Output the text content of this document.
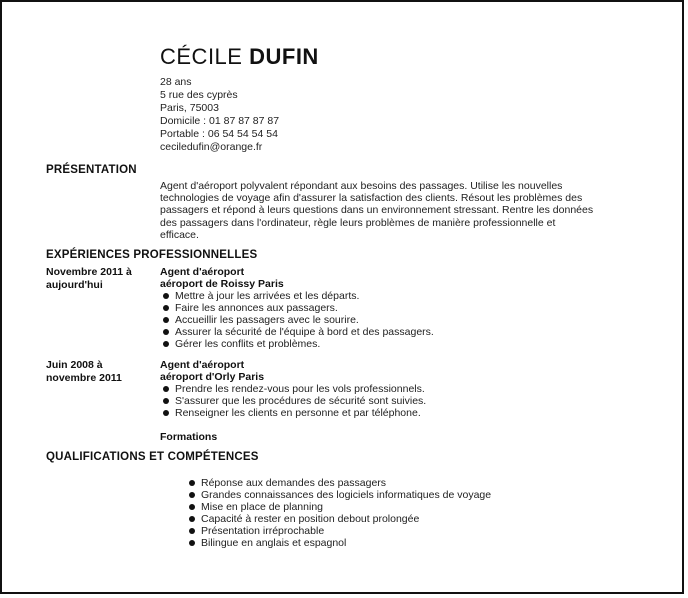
CÉCILE DUFIN
28 ans
5 rue des cyprès
Paris, 75003
Domicile : 01 87 87 87 87
Portable : 06 54 54 54 54
ceciledufin@orange.fr
PRÉSENTATION
Agent d'aéroport polyvalent répondant aux besoins des passages. Utilise les nouvelles
technologies de voyage afin d'assurer la satisfaction des clients. Résout les problèmes des
passagers et répond à leurs questions dans un environnement stressant. Rentre les données
des passagers dans l'ordinateur, règle leurs problèmes de manière professionnelle et
efficace.
EXPÉRIENCES PROFESSIONNELLES
Novembre 2011 à
aujourd'hui
Agent d'aéroport
aéroport de Roissy Paris
Mettre à jour les arrivées et les départs.
Faire les annonces aux passagers.
Accueillir les passagers avec le sourire.
Assurer la sécurité de l'équipe à bord et des passagers.
Gérer les conflits et problèmes.
Juin 2008 à
novembre 2011
Agent d'aéroport
aéroport d'Orly Paris
Prendre les rendez-vous pour les vols professionnels.
S'assurer que les procédures de sécurité sont suivies.
Renseigner les clients en personne et par téléphone.
Formations
QUALIFICATIONS ET COMPÉTENCES
Réponse aux demandes des passagers
Grandes connaissances des logiciels informatiques de voyage
Mise en place de planning
Capacité à rester en position debout prolongée
Présentation irréprochable
Bilingue en anglais et espagnol
